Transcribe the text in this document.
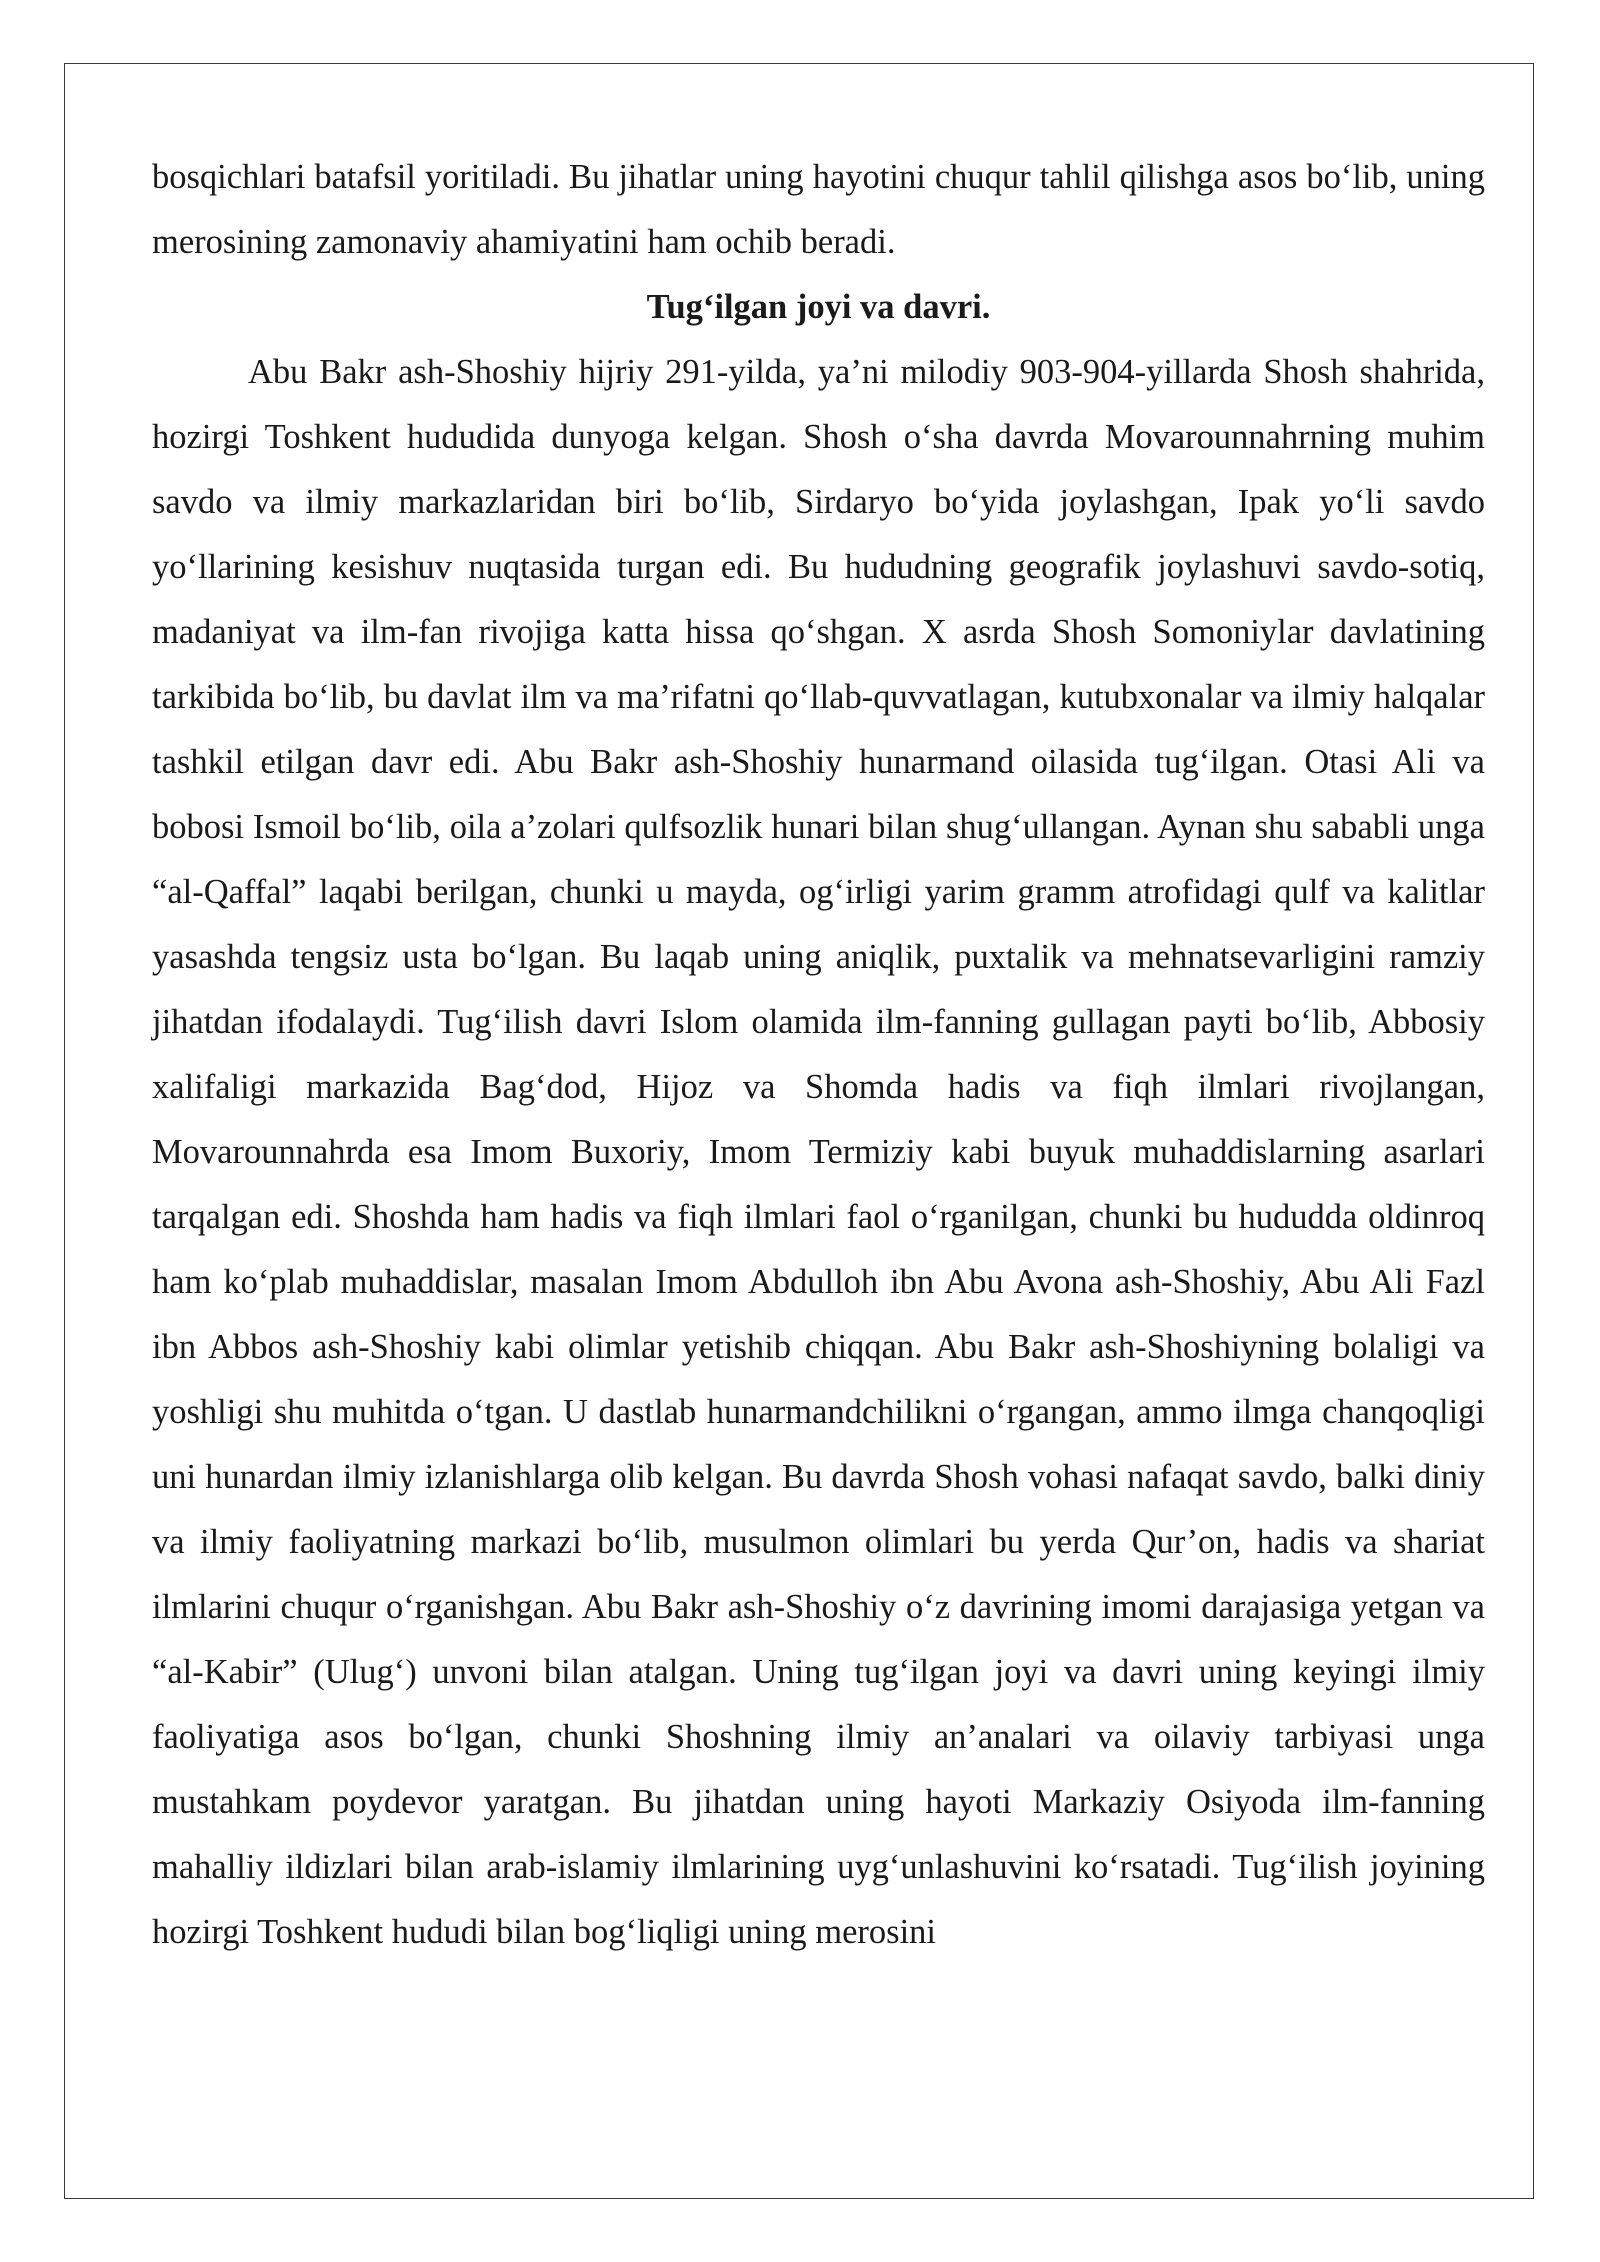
bosqichlari batafsil yoritiladi. Bu jihatlar uning hayotini chuqur tahlil qilishga asos bo‘lib, uning merosining zamonaviy ahamiyatini ham ochib beradi.

Tug‘ilgan joyi va davri.

Abu Bakr ash-Shoshiy hijriy 291-yilda, ya’ni milodiy 903-904-yillarda Shosh shahrida, hozirgi Toshkent hududida dunyoga kelgan. Shosh o‘sha davrda Movarounnahrning muhim savdo va ilmiy markazlaridan biri bo‘lib, Sirdaryo bo‘yida joylashgan, Ipak yo‘li savdo yo‘llarining kesishuv nuqtasida turgan edi. Bu hududning geografik joylashuvi savdo-sotiq, madaniyat va ilm-fan rivojiga katta hissa qo‘shgan. X asrda Shosh Somoniylar davlatining tarkibida bo‘lib, bu davlat ilm va ma’rifatni qo‘llab-quvvatlagan, kutubxonalar va ilmiy halqalar tashkil etilgan davr edi. Abu Bakr ash-Shoshiy hunarmand oilasida tug‘ilgan. Otasi Ali va bobosi Ismoil bo‘lib, oila a’zolari qulfsozlik hunari bilan shug‘ullangan. Aynan shu sababli unga “al-Qaffal” laqabi berilgan, chunki u mayda, og‘irligi yarim gramm atrofidagi qulf va kalitlar yasashda tengsiz usta bo‘lgan. Bu laqab uning aniqlik, puxtalik va mehnatsevarligini ramziy jihatdan ifodalaydi. Tug‘ilish davri Islom olamida ilm-fanning gullagan payti bo‘lib, Abbosiy xalifaligi markazida Bag‘dod, Hijoz va Shomda hadis va fiqh ilmlari rivojlangan, Movarounnahrda esa Imom Buxoriy, Imom Termiziy kabi buyuk muhaddislarning asarlari tarqalgan edi. Shoshda ham hadis va fiqh ilmlari faol o‘rganilgan, chunki bu hududda oldinroq ham ko‘plab muhaddislar, masalan Imom Abdulloh ibn Abu Avona ash-Shoshiy, Abu Ali Fazl ibn Abbos ash-Shoshiy kabi olimlar yetishib chiqqan. Abu Bakr ash-Shoshiyning bolaligi va yoshligi shu muhitda o‘tgan. U dastlab hunarmandchilikni o‘rgangan, ammo ilmga chanqoqligi uni hunardan ilmiy izlanishlarga olib kelgan. Bu davrda Shosh vohasi nafaqat savdo, balki diniy va ilmiy faoliyatning markazi bo‘lib, musulmon olimlari bu yerda Qur’on, hadis va shariat ilmlarini chuqur o‘rganishgan. Abu Bakr ash-Shoshiy o‘z davrining imomi darajasiga yetgan va “al-Kabir” (Ulug‘) unvoni bilan atalgan. Uning tug‘ilgan joyi va davri uning keyingi ilmiy faoliyatiga asos bo‘lgan, chunki Shoshning ilmiy an’analari va oilaviy tarbiyasi unga mustahkam poydevor yaratgan. Bu jihatdan uning hayoti Markaziy Osiyoda ilm-fanning mahalliy ildizlari bilan arab-islamiy ilmlarining uyg‘unlashuvini ko‘rsatadi. Tug‘ilish joyining hozirgi Toshkent hududi bilan bog‘liqligi uning merosini
